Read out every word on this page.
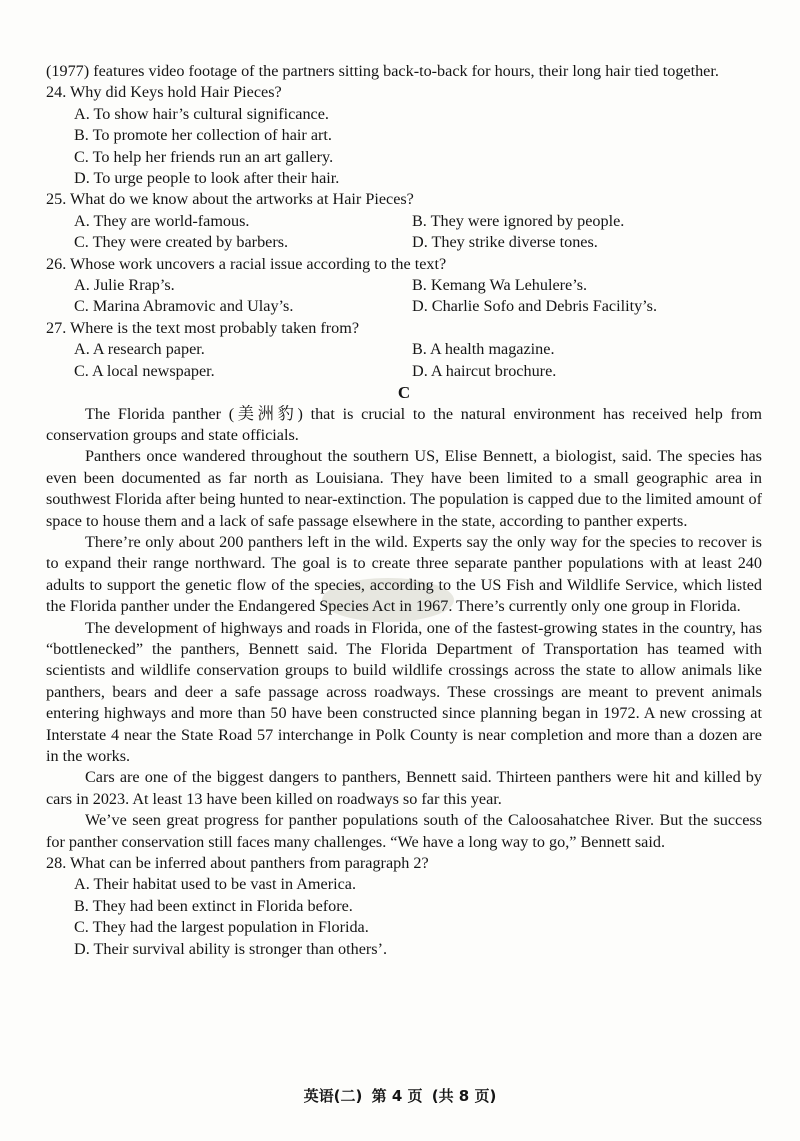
(1977) features video footage of the partners sitting back-to-back for hours, their long hair tied together.

24. Why did Keys hold Hair Pieces?

A. To show hair’s cultural significance.

B. To promote her collection of hair art.

C. To help her friends run an art gallery.

D. To urge people to look after their hair.

25. What do we know about the artworks at Hair Pieces?

A. They are world-famous.	B. They were ignored by people.
C. They were created by barbers.	D. They strike diverse tones.

26. Whose work uncovers a racial issue according to the text?

A. Julie Rrap’s.	B. Kemang Wa Lehulere’s.
C. Marina Abramovic and Ulay’s.	D. Charlie Sofo and Debris Facility’s.

27. Where is the text most probably taken from?

A. A research paper.	B. A health magazine.
C. A local newspaper.	D. A haircut brochure.

C

The Florida panther (美洲豹) that is crucial to the natural environment has received help from conservation groups and state officials.

Panthers once wandered throughout the southern US, Elise Bennett, a biologist, said. The species has even been documented as far north as Louisiana. They have been limited to a small geographic area in southwest Florida after being hunted to near-extinction. The population is capped due to the limited amount of space to house them and a lack of safe passage elsewhere in the state, according to panther experts.

There’re only about 200 panthers left in the wild. Experts say the only way for the species to recover is to expand their range northward. The goal is to create three separate panther populations with at least 240 adults to support the genetic flow of the species, according to the US Fish and Wildlife Service, which listed the Florida panther under the Endangered Species Act in 1967. There’s currently only one group in Florida.

The development of highways and roads in Florida, one of the fastest-growing states in the country, has “bottlenecked” the panthers, Bennett said. The Florida Department of Transportation has teamed with scientists and wildlife conservation groups to build wildlife crossings across the state to allow animals like panthers, bears and deer a safe passage across roadways. These crossings are meant to prevent animals entering highways and more than 50 have been constructed since planning began in 1972. A new crossing at Interstate 4 near the State Road 57 interchange in Polk County is near completion and more than a dozen are in the works.

Cars are one of the biggest dangers to panthers, Bennett said. Thirteen panthers were hit and killed by cars in 2023. At least 13 have been killed on roadways so far this year.

We’ve seen great progress for panther populations south of the Caloosahatchee River. But the success for panther conservation still faces many challenges. “We have a long way to go,” Bennett said.

28. What can be inferred about panthers from paragraph 2?

A. Their habitat used to be vast in America.

B. They had been extinct in Florida before.

C. They had the largest population in Florida.

D. Their survival ability is stronger than others’.

英语(二) 第 4 页 (共 8 页)
